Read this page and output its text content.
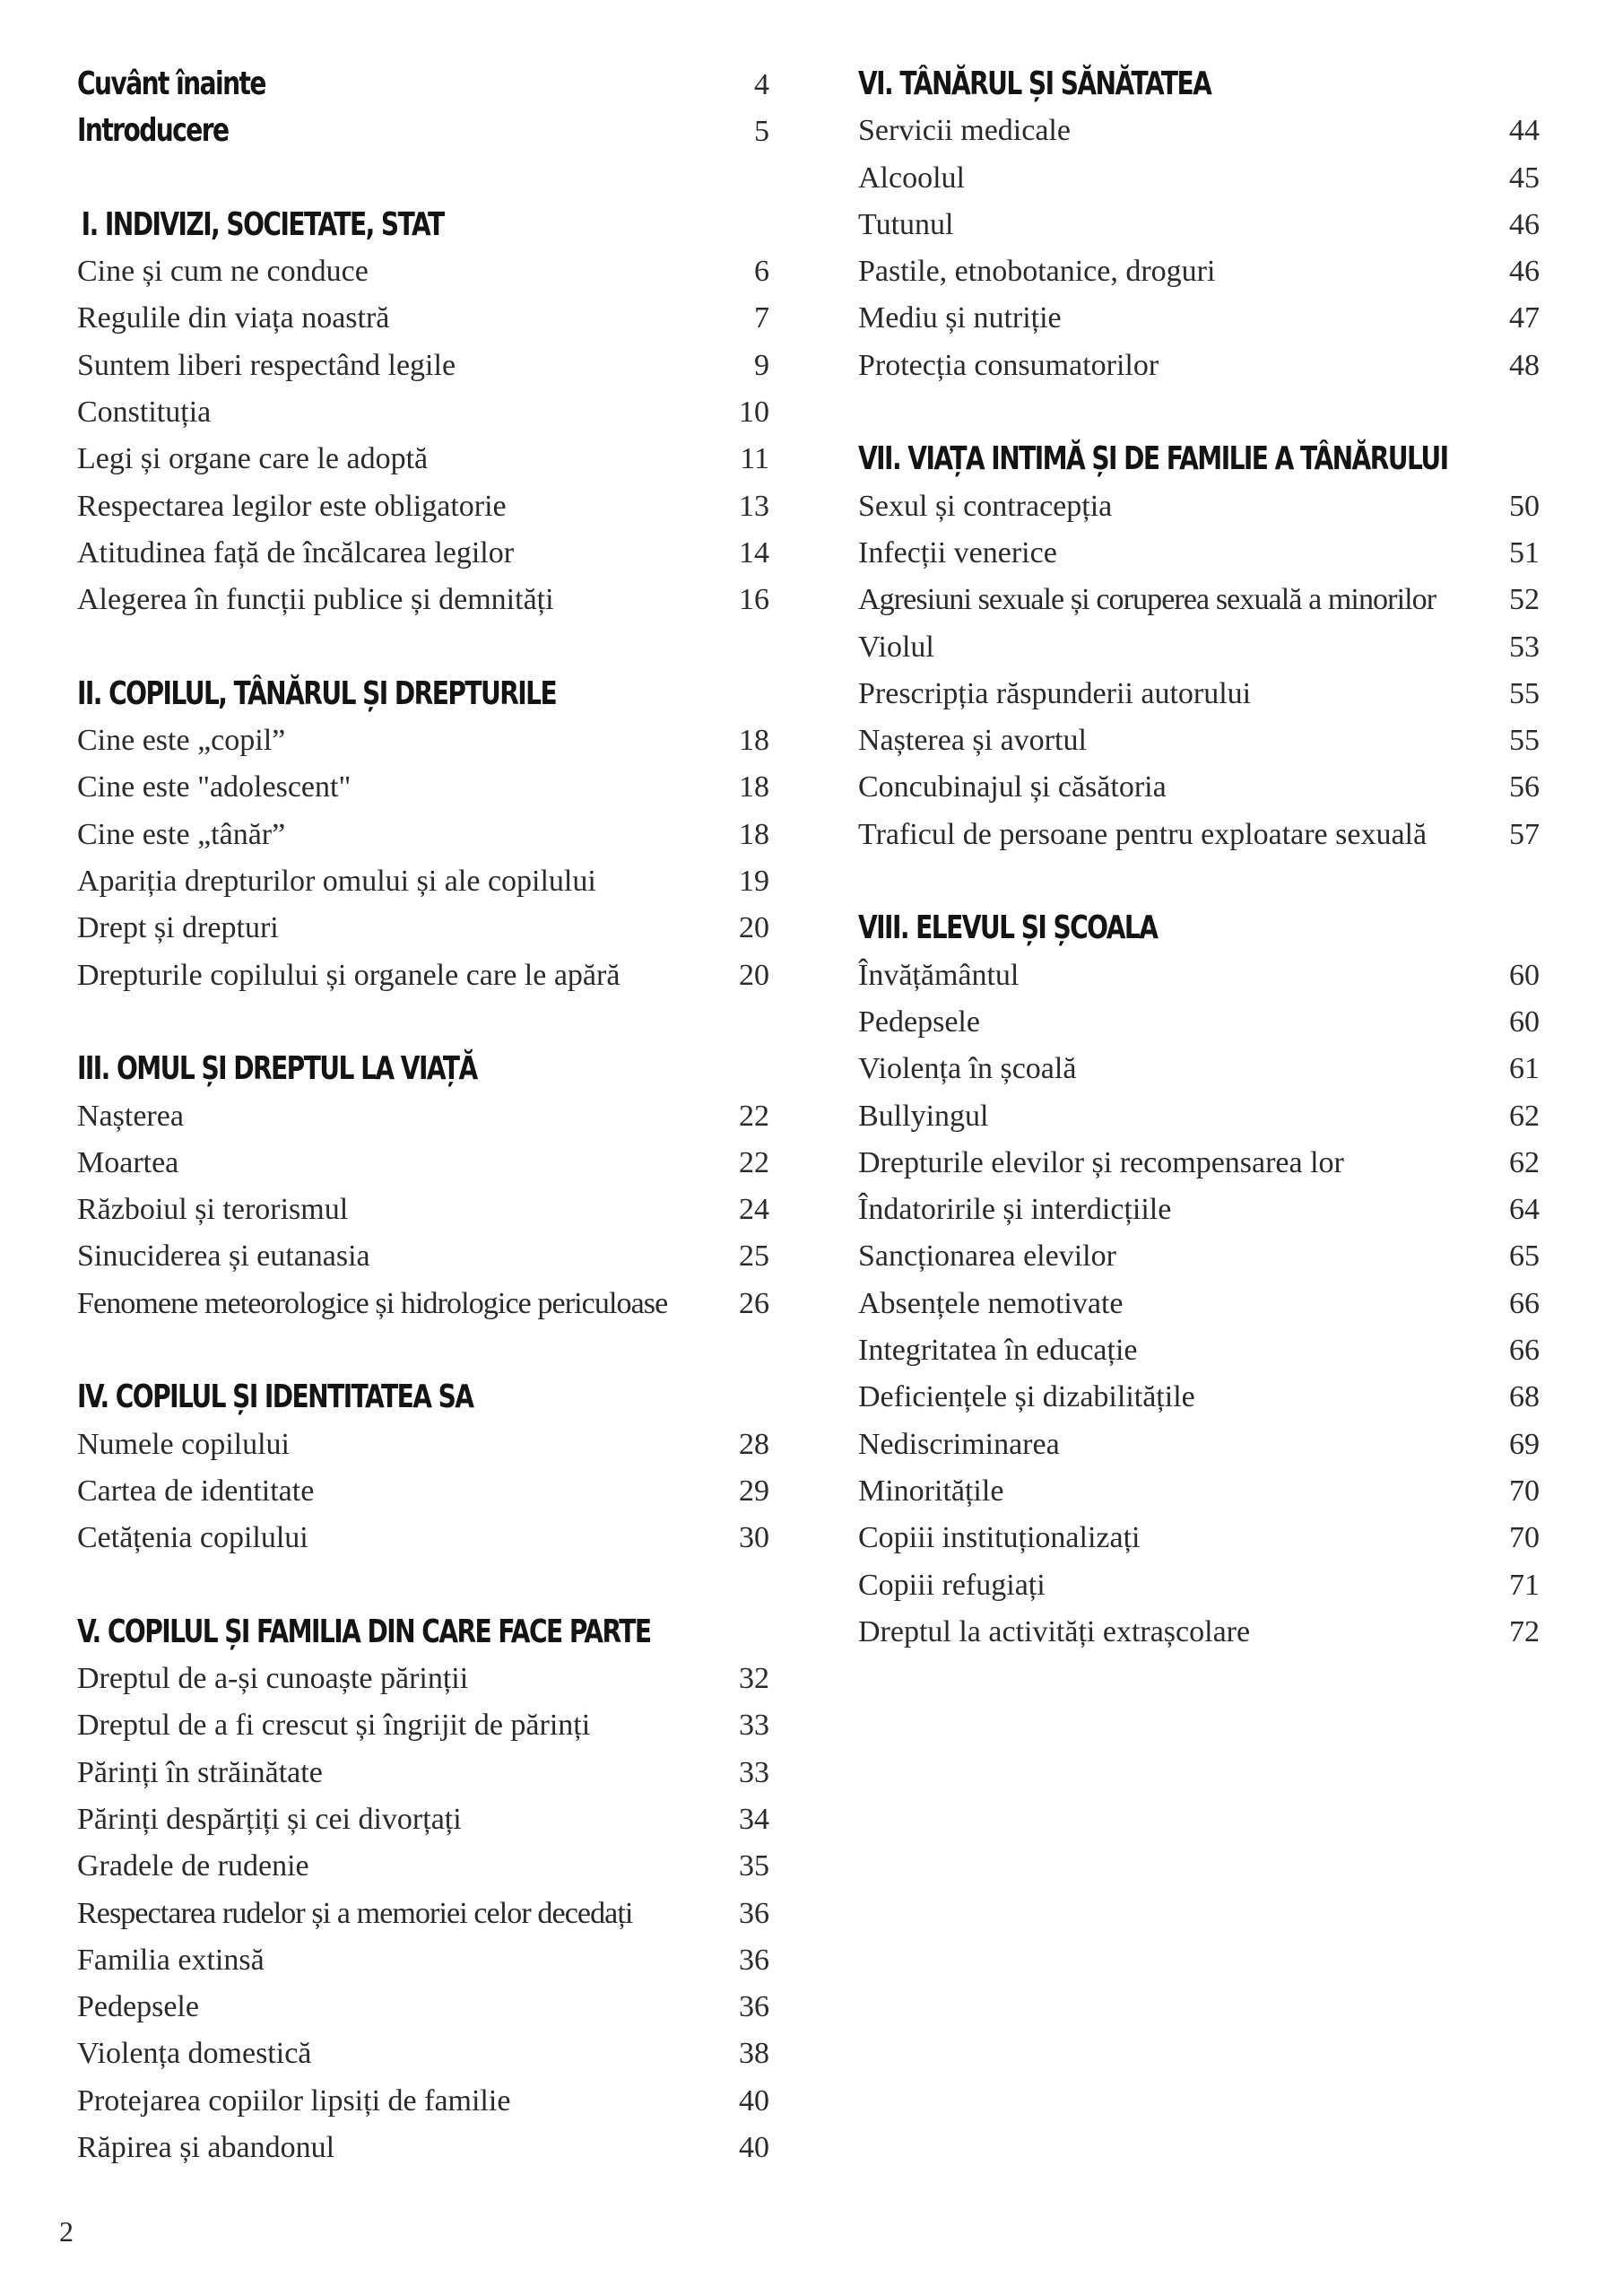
Cuvânt înainte	4
Introducere	5
I. INDIVIZI, SOCIETATE, STAT
Cine și cum ne conduce	6
Regulile din viața noastră	7
Suntem liberi respectând legile	9
Constituția	10
Legi și organe care le adoptă	11
Respectarea legilor este obligatorie	13
Atitudinea față de încălcarea legilor	14
Alegerea în funcții publice și demnități	16
II. COPILUL, TÂNĂRUL ȘI DREPTURILE
Cine este „copil”	18
Cine este "adolescent"	18
Cine este „tânăr”	18
Apariția drepturilor omului și ale copilului	19
Drept și drepturi	20
Drepturile copilului și organele care le apără	20
III. OMUL ȘI DREPTUL LA VIAȚĂ
Nașterea	22
Moartea	22
Războiul și terorismul	24
Sinuciderea și eutanasia	25
Fenomene meteorologice și hidrologice periculoase	26
IV. COPILUL ȘI IDENTITATEA SA
Numele copilului	28
Cartea de identitate	29
Cetățenia copilului	30
V. COPILUL ȘI FAMILIA DIN CARE FACE PARTE
Dreptul de a-și cunoaște părinții	32
Dreptul de a fi crescut și îngrijit de părinți	33
Părinți în străinătate	33
Părinți despărțiți și cei divorțați	34
Gradele de rudenie	35
Respectarea rudelor și a memoriei celor decedați	36
Familia extinsă	36
Pedepsele	36
Violența domestică	38
Protejarea copiilor lipsiți de familie	40
Răpirea și abandonul	40
VI. TÂNĂRUL ȘI SĂNĂTATEA
Servicii medicale	44
Alcoolul	45
Tutunul	46
Pastile, etnobotanice, droguri	46
Mediu și nutriție	47
Protecția consumatorilor	48
VII. VIAȚA INTIMĂ ȘI DE FAMILIE A TÂNĂRULUI
Sexul și contracepția	50
Infecții venerice	51
Agresiuni sexuale și coruperea sexuală a minorilor	52
Violul	53
Prescripția răspunderii autorului	55
Nașterea și avortul	55
Concubinajul și căsătoria	56
Traficul de persoane pentru exploatare sexuală	57
VIII. ELEVUL ȘI ȘCOALA
Învățământul	60
Pedepsele	60
Violența în școală	61
Bullyingul	62
Drepturile elevilor și recompensarea lor	62
Îndatoririle și interdicțiile	64
Sancționarea elevilor	65
Absențele nemotivate	66
Integritatea în educație	66
Deficiențele și dizabilitățile	68
Nediscriminarea	69
Minoritățile	70
Copiii instituționalizați	70
Copiii refugiați	71
Dreptul la activități extrașcolare	72
2
